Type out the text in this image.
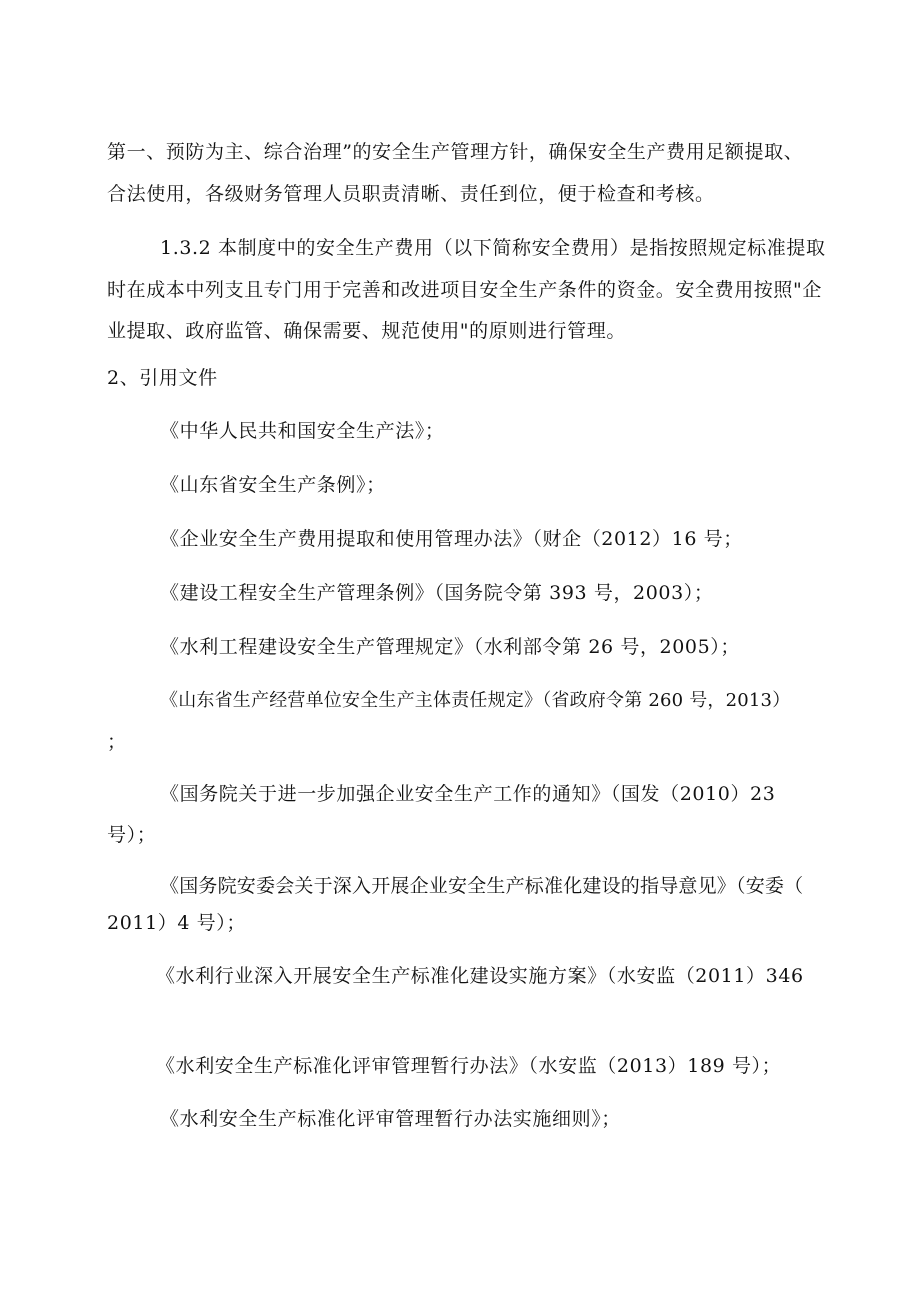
第一、预防为主、综合治理”的安全生产管理方针，确保安全生产费用足额提取、
合法使用，各级财务管理人员职责清晰、责任到位，便于检查和考核。
1.3.2 本制度中的安全生产费用（以下简称安全费用）是指按照规定标准提取
时在成本中列支且专门用于完善和改进项目安全生产条件的资金。安全费用按照"企
业提取、政府监管、确保需要、规范使用"的原则进行管理。
2、引用文件
《中华人民共和国安全生产法》；
《山东省安全生产条例》；
《企业安全生产费用提取和使用管理办法》（财企（2012）16 号；
《建设工程安全生产管理条例》（国务院令第 393 号，2003）；
《水利工程建设安全生产管理规定》（水利部令第 26 号，2005）；
《山东省生产经营单位安全生产主体责任规定》（省政府令第 260 号，2013）
；
《国务院关于进一步加强企业安全生产工作的通知》（国发（2010）23
号）；
《国务院安委会关于深入开展企业安全生产标准化建设的指导意见》（安委（
2011）4 号）；
《水利行业深入开展安全生产标准化建设实施方案》（水安监（2011）346
《水利安全生产标准化评审管理暂行办法》（水安监（2013）189 号）；
《水利安全生产标准化评审管理暂行办法实施细则》；
